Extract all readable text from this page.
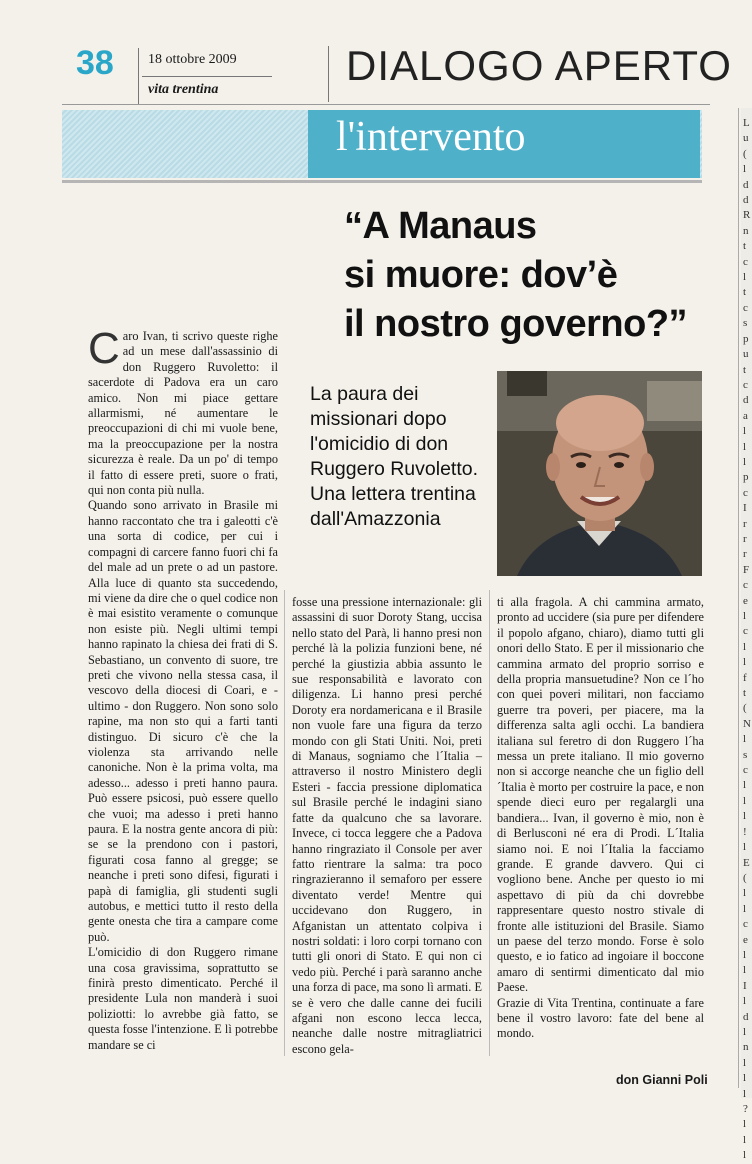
38 18 ottobre 2009
vita trentina
DIALOGO APERTO
l'intervento	L
u
(
l
d
d
R
n
t
c
l
t
c
s
p
u
t
c
d
a
l
l
l
p
c
I
r
r
r
F
c
e
l
c
l
l
f
t
(
N
l
s
c
l
l
l
!
l
E
(
l
l
c
e
l
l
I
l
d
l
n
l
l
l
?
l
l
l
“A Manaus
si muore: dov’è
il nostro governo?”
La paura dei missionari dopo l'omicidio di don Ruggero Ruvoletto. Una lettera trentina dall'Amazzonia
C aro Ivan, ti scrivo queste righe ad un mese dall'assassinio di don Ruggero Ruvoletto: il sacerdote di Padova era un caro amico. Non mi piace gettare allarmismi, né aumentare le preoccupazioni di chi mi vuole bene, ma la preoccupazione per la nostra sicurezza è reale. Da un po' di tempo il fatto di essere preti, suore o frati, qui non conta più nulla.

Quando sono arrivato in Brasile mi hanno raccontato che tra i galeotti c'è una sorta di codice, per cui i compagni di carcere fanno fuori chi fa del male ad un prete o ad un pastore. Alla luce di quanto sta succedendo, mi viene da dire che o quel codice non è mai esistito veramente o comunque non esiste più. Negli ultimi tempi hanno rapinato la chiesa dei frati di S. Sebastiano, un convento di suore, tre preti che vivono nella stessa casa, il vescovo della diocesi di Coari, e - ultimo - don Ruggero. Non sono solo rapine, ma non sto qui a farti tanti distinguo. Di sicuro c'è che la violenza sta arrivando nelle canoniche. Non è la prima volta, ma adesso... adesso i preti hanno paura. Può essere psicosi, può essere quello che vuoi; ma adesso i preti hanno paura. E la nostra gente ancora di più: se se la prendono con i pastori, figurati cosa fanno al gregge; se neanche i preti sono difesi, figurati i papà di famiglia, gli studenti sugli autobus, e mettici tutto il resto della gente onesta che tira a campare come può.

L'omicidio di don Ruggero rimane una cosa gravissima, soprattutto se finirà presto dimenticato. Perché il presidente Lula non manderà i suoi poliziotti: lo avrebbe già fatto, se questa fosse l'intenzione. E lì potrebbe mandare se ci

fosse una pressione internazionale: gli assassini di suor Doroty Stang, uccisa nello stato del Parà, li hanno presi non perché là la polizia funzioni bene, né perché la giustizia abbia assunto le sue responsabilità e lavorato con diligenza. Li hanno presi perché Doroty era nordamericana e il Brasile non vuole fare una figura da terzo mondo con gli Stati Uniti. Noi, preti di Manaus, sogniamo che l´Italia – attraverso il nostro Ministero degli Esteri - faccia pressione diplomatica sul Brasile perché le indagini siano fatte da qualcuno che sa lavorare. Invece, ci tocca leggere che a Padova hanno ringraziato il Console per aver fatto rientrare la salma: tra poco ringrazieranno il semaforo per essere diventato verde! Mentre qui uccidevano don Ruggero, in Afganistan un attentato colpiva i nostri soldati: i loro corpi tornano con tutti gli onori di Stato. E qui non ci vedo più. Perché i parà saranno anche una forza di pace, ma sono lì armati. E se è vero che dalle canne dei fucili afgani non escono lecca lecca, neanche dalle nostre mitragliatrici escono gela-

ti alla fragola. A chi cammina armato, pronto ad uccidere (sia pure per difendere il popolo afgano, chiaro), diamo tutti gli onori dello Stato. E per il missionario che cammina armato del proprio sorriso e della propria mansuetudine? Non ce l´ho con quei poveri militari, non facciamo guerre tra poveri, per piacere, ma la differenza salta agli occhi. La bandiera italiana sul feretro di don Ruggero l´ha messa un prete italiano. Il mio governo non si accorge neanche che un figlio dell´Italia è morto per costruire la pace, e non spende dieci euro per regalargli una bandiera... Ivan, il governo è mio, non è di Berlusconi né era di Prodi. L´Italia siamo noi. E noi l´Italia la facciamo grande. E grande davvero. Qui ci vogliono bene. Anche per questo io mi aspettavo di più da chi dovrebbe rappresentare questo nostro stivale di fronte alle istituzioni del Brasile. Siamo un paese del terzo mondo. Forse è solo questo, e io fatico ad ingoiare il boccone amaro di sentirmi dimenticato dal mio Paese.

Grazie di Vita Trentina, continuate a fare bene il vostro lavoro: fate del bene al mondo.

don Gianni Poli
